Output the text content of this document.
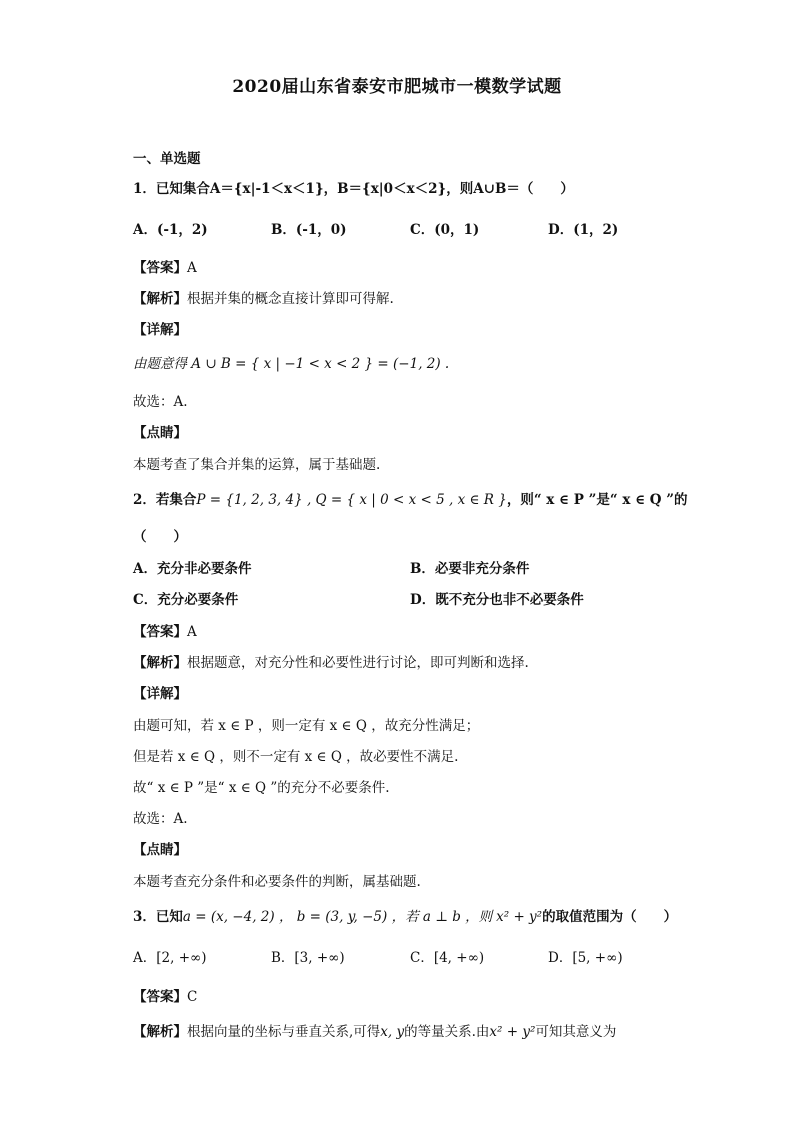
2020届山东省泰安市肥城市一模数学试题
一、单选题
1．已知集合A＝{x|-1＜x＜1}，B＝{x|0＜x＜2}，则A∪B＝（　　）
A．(-1，2)	B．(-1，0)	C．(0，1)	D．(1，2)
【答案】A
【解析】根据并集的概念直接计算即可得解.
【详解】
由题意得 A ∪ B = { x | −1 < x < 2 } = (−1, 2) .
故选：A.
【点睛】
本题考查了集合并集的运算，属于基础题.
2．若集合P = {1, 2, 3, 4} , Q = { x | 0 < x < 5 , x ∈ R }，则“ x ∈ P ”是“ x ∈ Q ”的
（　　）
A．充分非必要条件	B．必要非充分条件
C．充分必要条件	D．既不充分也非不必要条件
【答案】A
【解析】根据题意，对充分性和必要性进行讨论，即可判断和选择.
【详解】
由题可知，若 x ∈ P ，则一定有 x ∈ Q ，故充分性满足；
但是若 x ∈ Q ，则不一定有 x ∈ Q ，故必要性不满足.
故“ x ∈ P ”是“ x ∈ Q ”的充分不必要条件.
故选：A.
【点睛】
本题考查充分条件和必要条件的判断，属基础题.
3．已知a = (x, −4, 2) ， b = (3, y, −5) ，若 a ⊥ b ，则 x² + y²的取值范围为（　　）
A．[2, +∞)	B．[3, +∞)	C．[4, +∞)	D．[5, +∞)
【答案】C
【解析】根据向量的坐标与垂直关系,可得x, y的等量关系.由x² + y²可知其意义为
